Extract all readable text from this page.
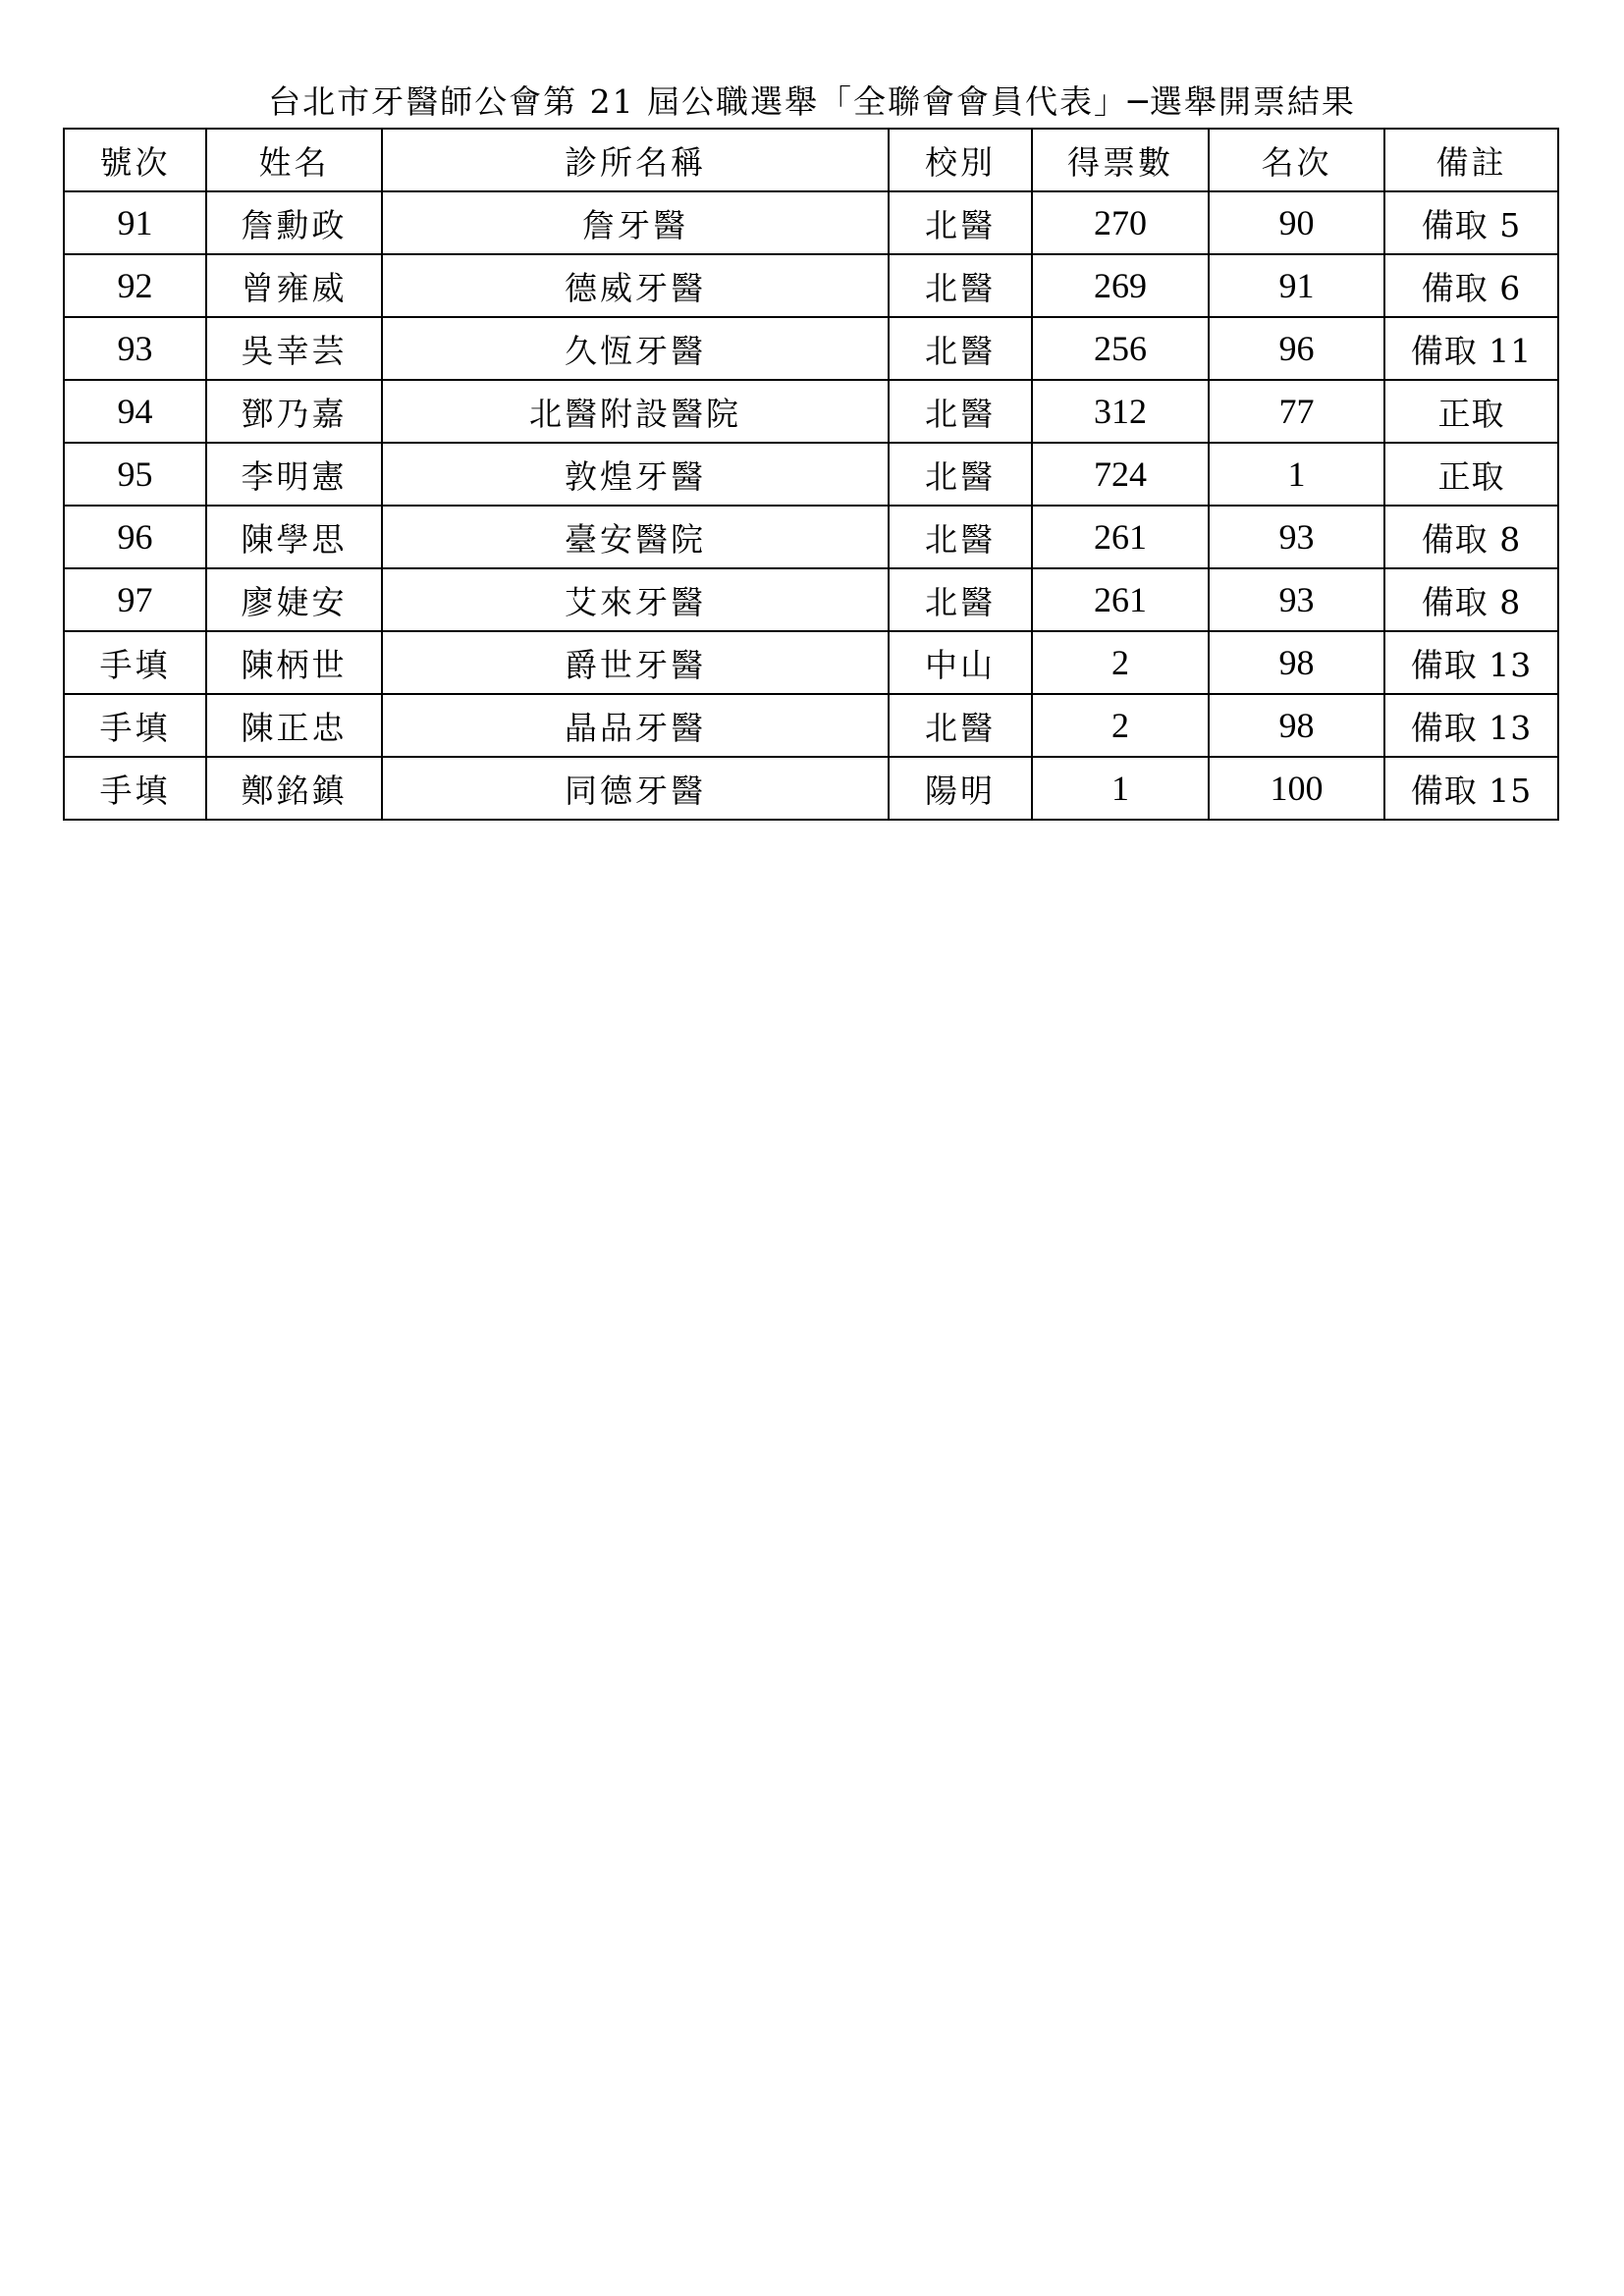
台北市牙醫師公會第 21 屆公職選舉「全聯會會員代表」─選舉開票結果
號次	姓名	診所名稱	校別	得票數	名次	備註
91	詹勳政	詹牙醫	北醫	270	90	備取 5
92	曾雍威	德威牙醫	北醫	269	91	備取 6
93	吳幸芸	久恆牙醫	北醫	256	96	備取 11
94	鄧乃嘉	北醫附設醫院	北醫	312	77	正取
95	李明憲	敦煌牙醫	北醫	724	1	正取
96	陳學思	臺安醫院	北醫	261	93	備取 8
97	廖婕安	艾來牙醫	北醫	261	93	備取 8
手填	陳柄世	爵世牙醫	中山	2	98	備取 13
手填	陳正忠	晶品牙醫	北醫	2	98	備取 13
手填	鄭銘鎮	同德牙醫	陽明	1	100	備取 15
